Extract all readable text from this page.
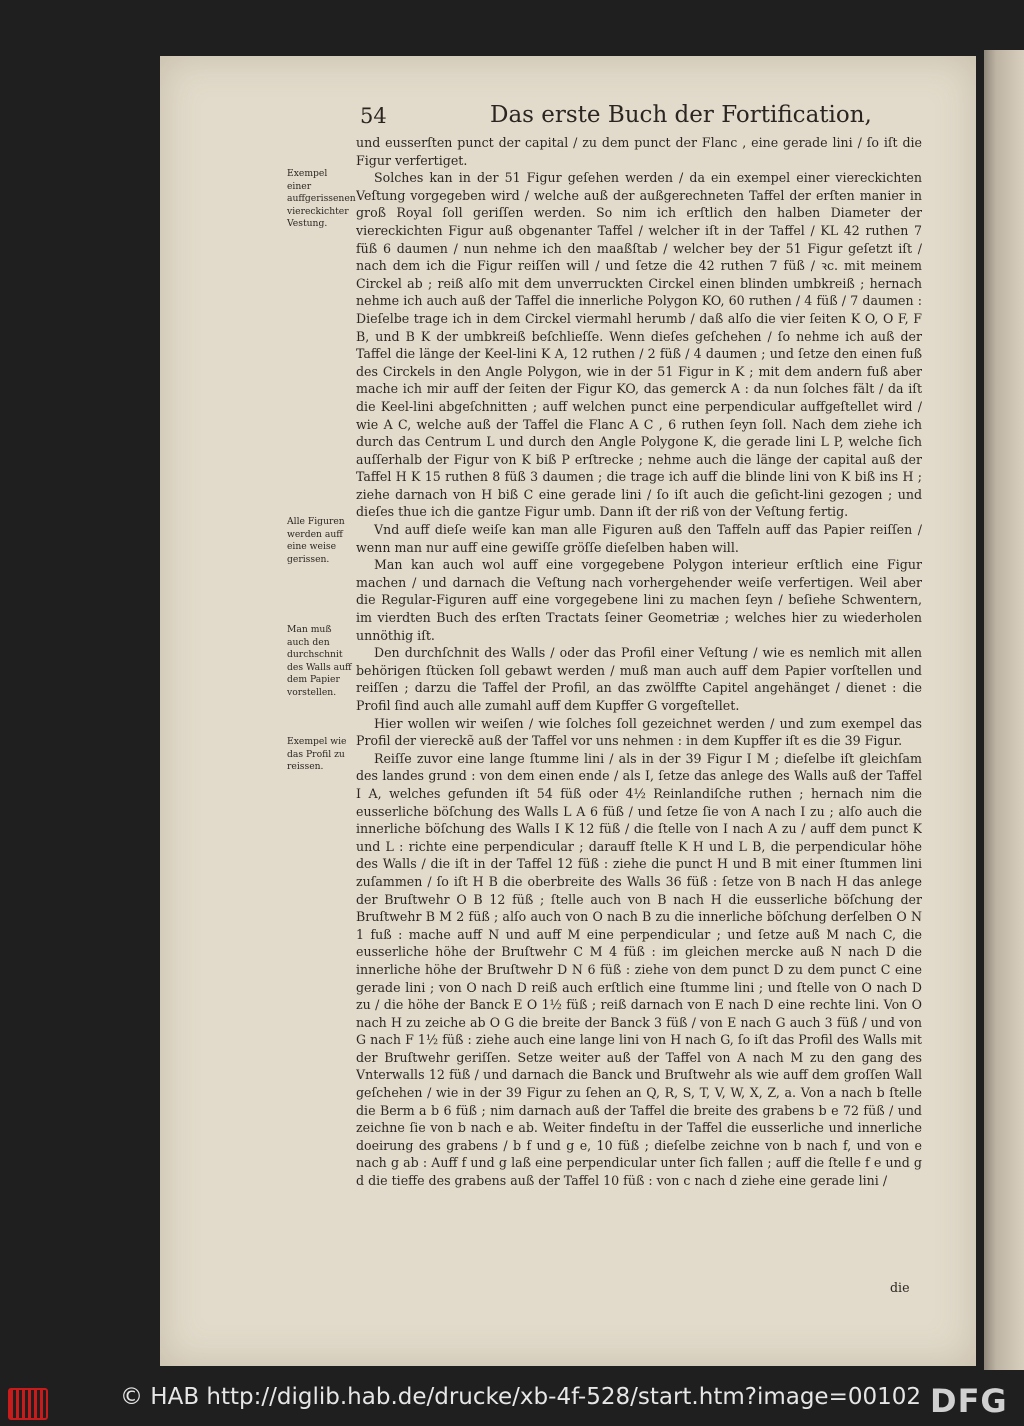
54	Das erste Buch der Fortification,
Exempel einer auffgerissenen viereckichter Vestung.
Alle Figuren werden auff eine weise gerissen.
Man muß auch den durchschnit des Walls auff dem Papier vorstellen.
Exempel wie das Profil zu reissen.

und eusserſten punct der capital / zu dem punct der Flanc , eine gerade lini / ſo iſt die Figur verfertiget.

Solches kan in der 51 Figur geſehen werden / da ein exempel einer viereckichten Veſtung vorgegeben wird / welche auß der außgerechneten Taffel der erſten manier in groß Royal ſoll geriſſen werden. So nim ich erſtlich den halben Diameter der viereckichten Figur auß obgenanter Taffel / welcher iſt in der Taffel / KL 42 ruthen 7 füß 6 daumen / nun nehme ich den maaßſtab / welcher bey der 51 Figur geſetzt iſt / nach dem ich die Figur reiſſen will / und ſetze die 42 ruthen 7 füß / ꝛc. mit meinem Circkel ab ; reiß alſo mit dem unverruckten Circkel einen blinden umbkreiß ; hernach nehme ich auch auß der Taffel die innerliche Polygon KO, 60 ruthen / 4 füß / 7 daumen : Dieſelbe trage ich in dem Circkel viermahl herumb / daß alſo die vier ſeiten K O, O F, F B, und B K der umbkreiß beſchlieſſe. Wenn dieſes geſchehen / ſo nehme ich auß der Taffel die länge der Keel-lini K A, 12 ruthen / 2 füß / 4 daumen ; und ſetze den einen fuß des Circkels in den Angle Polygon, wie in der 51 Figur in K ; mit dem andern fuß aber mache ich mir auff der ſeiten der Figur KO, das gemerck A : da nun ſolches fält / da iſt die Keel-lini abgeſchnitten ; auff welchen punct eine perpendicular auffgeſtellet wird / wie A C, welche auß der Taffel die Flanc A C , 6 ruthen ſeyn ſoll. Nach dem ziehe ich durch das Centrum L und durch den Angle Polygone K, die gerade lini L P, welche ſich auſſerhalb der Figur von K biß P erſtrecke ; nehme auch die länge der capital auß der Taffel H K 15 ruthen 8 füß 3 daumen ; die trage ich auff die blinde lini von K biß ins H ; ziehe darnach von H biß C eine gerade lini / ſo iſt auch die geſicht-lini gezogen ; und dieſes thue ich die gantze Figur umb. Dann iſt der riß von der Veſtung fertig.

Vnd auff dieſe weiſe kan man alle Figuren auß den Taffeln auff das Papier reiſſen / wenn man nur auff eine gewiſſe gröſſe dieſelben haben will.

Man kan auch wol auff eine vorgegebene Polygon interieur erſtlich eine Figur machen / und darnach die Veſtung nach vorhergehender weiſe verfertigen. Weil aber die Regular-Figuren auff eine vorgegebene lini zu machen ſeyn / beſiehe Schwentern, im vierdten Buch des erſten Tractats ſeiner Geometriæ ; welches hier zu wiederholen unnöthig iſt.

Den durchſchnit des Walls / oder das Profil einer Veſtung / wie es nemlich mit allen behörigen ſtücken ſoll gebawt werden / muß man auch auff dem Papier vorſtellen und reiſſen ; darzu die Taffel der Profil, an das zwölffte Capitel angehänget / dienet : die Profil ſind auch alle zumahl auff dem Kupffer G vorgeſtellet.

Hier wollen wir weiſen / wie ſolches ſoll gezeichnet werden / und zum exempel das Profil der viereckẽ auß der Taffel vor uns nehmen : in dem Kupffer iſt es die 39 Figur.

Reiſſe zuvor eine lange ſtumme lini / als in der 39 Figur I M ; dieſelbe iſt gleichſam des landes grund : von dem einen ende / als I, ſetze das anlege des Walls auß der Taffel I A, welches gefunden iſt 54 füß oder 4½ Reinlandiſche ruthen ; hernach nim die eusserliche böſchung des Walls L A 6 füß / und ſetze ſie von A nach I zu ; alſo auch die innerliche böſchung des Walls I K 12 füß / die ſtelle von I nach A zu / auff dem punct K und L : richte eine perpendicular ; darauff ſtelle K H und L B, die perpendicular höhe des Walls / die iſt in der Taffel 12 füß : ziehe die punct H und B mit einer ſtummen lini zuſammen / ſo iſt H B die oberbreite des Walls 36 füß : ſetze von B nach H das anlege der Bruſtwehr O B 12 füß ; ſtelle auch von B nach H die eusserliche böſchung der Bruſtwehr B M 2 füß ; alſo auch von O nach B zu die innerliche böſchung derſelben O N 1 fuß : mache auff N und auff M eine perpendicular ; und ſetze auß M nach C, die eusserliche höhe der Bruſtwehr C M 4 füß : im gleichen mercke auß N nach D die innerliche höhe der Bruſtwehr D N 6 füß : ziehe von dem punct D zu dem punct C eine gerade lini ; von O nach D reiß auch erſtlich eine ſtumme lini ; und ſtelle von O nach D zu / die höhe der Banck E O 1½ füß ; reiß darnach von E nach D eine rechte lini. Von O nach H zu zeiche ab O G die breite der Banck 3 füß / von E nach G auch 3 füß / und von G nach F 1½ füß : ziehe auch eine lange lini von H nach G, ſo iſt das Profil des Walls mit der Bruſtwehr geriſſen. Setze weiter auß der Taffel von A nach M zu den gang des Vnterwalls 12 füß / und darnach die Banck und Bruſtwehr als wie auff dem groſſen Wall geſchehen / wie in der 39 Figur zu ſehen an Q, R, S, T, V, W, X, Z, a. Von a nach b ſtelle die Berm a b 6 füß ; nim darnach auß der Taffel die breite des grabens b e 72 füß / und zeichne ſie von b nach e ab. Weiter findeſtu in der Taffel die eusserliche und innerliche doeirung des grabens / b f und g e, 10 füß ; dieſelbe zeichne von b nach f, und von e nach g ab : Auff f und g laß eine perpendicular unter ſich fallen ; auff die ſtelle f e und g d die tieffe des grabens auß der Taffel 10 füß : von c nach d ziehe eine gerade lini /

die
© HAB http://diglib.hab.de/drucke/xb-4f-528/start.htm?image=00102 DFG
